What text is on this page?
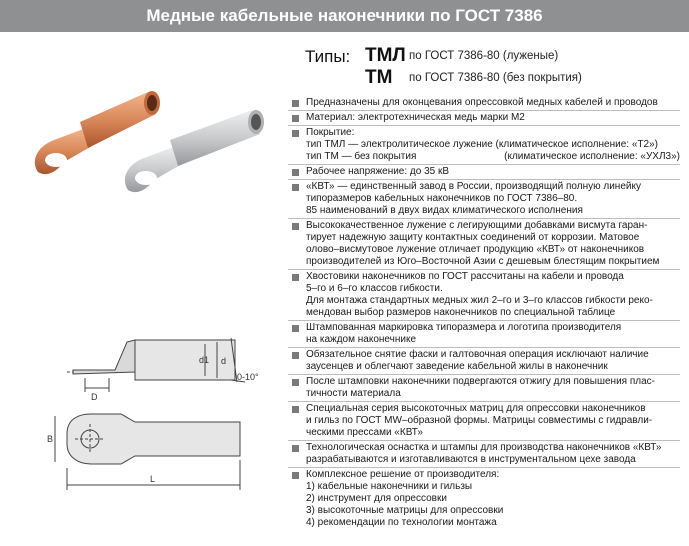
Медные кабельные наконечники по ГОСТ 7386
d1 d
D
0-10°
B
L
Типы: ТМЛ по ГОСТ 7386-80 (луженые)
ТМ по ГОСТ 7386-80 (без покрытия)
Предназначены для оконцевания опрессовкой медных кабелей и проводов
Материал: электротехническая медь марки М2
Покрытие:
тип ТМЛ — электролитическое лужение (климатическое исполнение: «Т2»)
тип ТМ — без покрытия	(климатическое исполнение: «УХЛ3»)
Рабочее напряжение: до 35 кВ
«КВТ» — единственный завод в России, производящий полную линейку
типоразмеров кабельных наконечников по ГОСТ 7386–80.
85 наименований в двух видах климатического исполнения
Высококачественное лужение с легирующими добавками висмута гаран-
тирует надежную защиту контактных соединений от коррозии. Матовое
олово–висмутовое лужение отличает продукцию «КВТ» от наконечников
производителей из Юго–Восточной Азии с дешевым блестящим покрытием
Хвостовики наконечников по ГОСТ рассчитаны на кабели и провода
5–го и 6–го классов гибкости.
Для монтажа стандартных медных жил 2–го и 3–го классов гибкости реко-
мендован выбор размеров наконечников по специальной таблице
Штампованная маркировка типоразмера и логотипа производителя
на каждом наконечнике
Обязательное снятие фаски и галтовочная операция исключают наличие
заусенцев и облегчают заведение кабельной жилы в наконечник
После штамповки наконечники подвергаются отжигу для повышения плас-
тичности материала
Специальная серия высокоточных матриц для опрессовки наконечников
и гильз по ГОСТ МW–образной формы. Матрицы совместимы с гидравли-
ческими прессами «КВТ»
Технологическая оснастка и штампы для производства наконечников «КВТ»
разрабатываются и изготавливаются в инструментальном цехе завода
Комплексное решение от производителя:
1) кабельные наконечники и гильзы
2) инструмент для опрессовки
3) высокоточные матрицы для опрессовки
4) рекомендации по технологии монтажа
